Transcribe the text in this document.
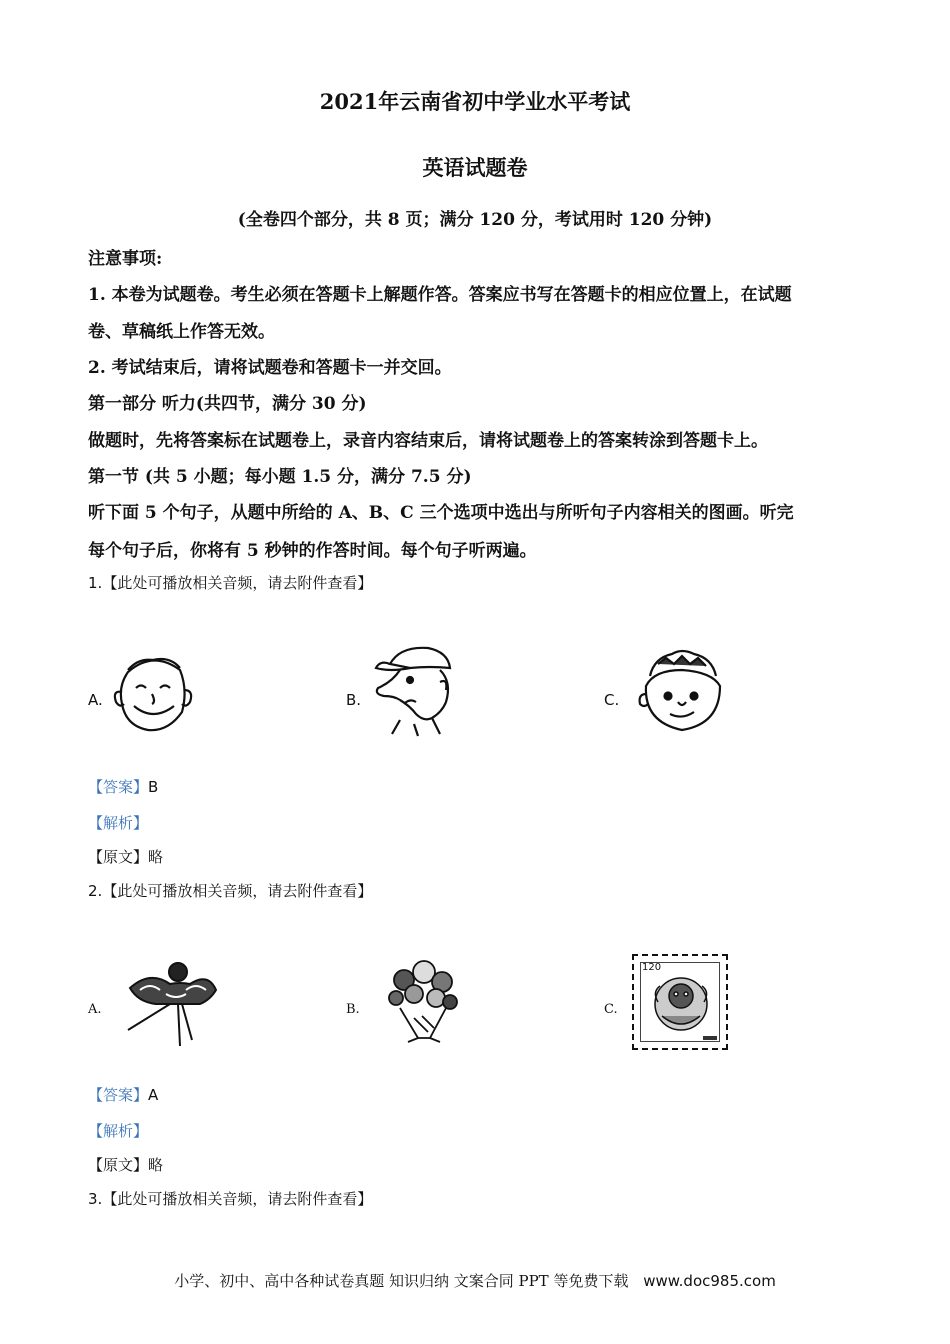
2021年云南省初中学业水平考试
英语试题卷
(全卷四个部分，共 8 页；满分 120 分，考试用时 120 分钟)
注意事项:
1. 本卷为试题卷。考生必须在答题卡上解题作答。答案应书写在答题卡的相应位置上，在试题
卷、草稿纸上作答无效。
2. 考试结束后，请将试题卷和答题卡一并交回。
第一部分 听力(共四节，满分 30 分)
做题时，先将答案标在试题卷上，录音内容结束后，请将试题卷上的答案转涂到答题卡上。
第一节 (共 5 小题；每小题 1.5 分，满分 7.5 分)
听下面 5 个句子，从题中所给的 A、B、C 三个选项中选出与所听句子内容相关的图画。听完
每个句子后，你将有 5 秒钟的作答时间。每个句子听两遍。
1.【此处可播放相关音频，请去附件查看】
A.	B.	C.
【答案】B
【解析】
【原文】略
2.【此处可播放相关音频，请去附件查看】
A.	B.	C.
120
【答案】A
【解析】
【原文】略
3.【此处可播放相关音频，请去附件查看】
小学、初中、高中各种试卷真题 知识归纳 文案合同 PPT 等免费下载 www.doc985.com
